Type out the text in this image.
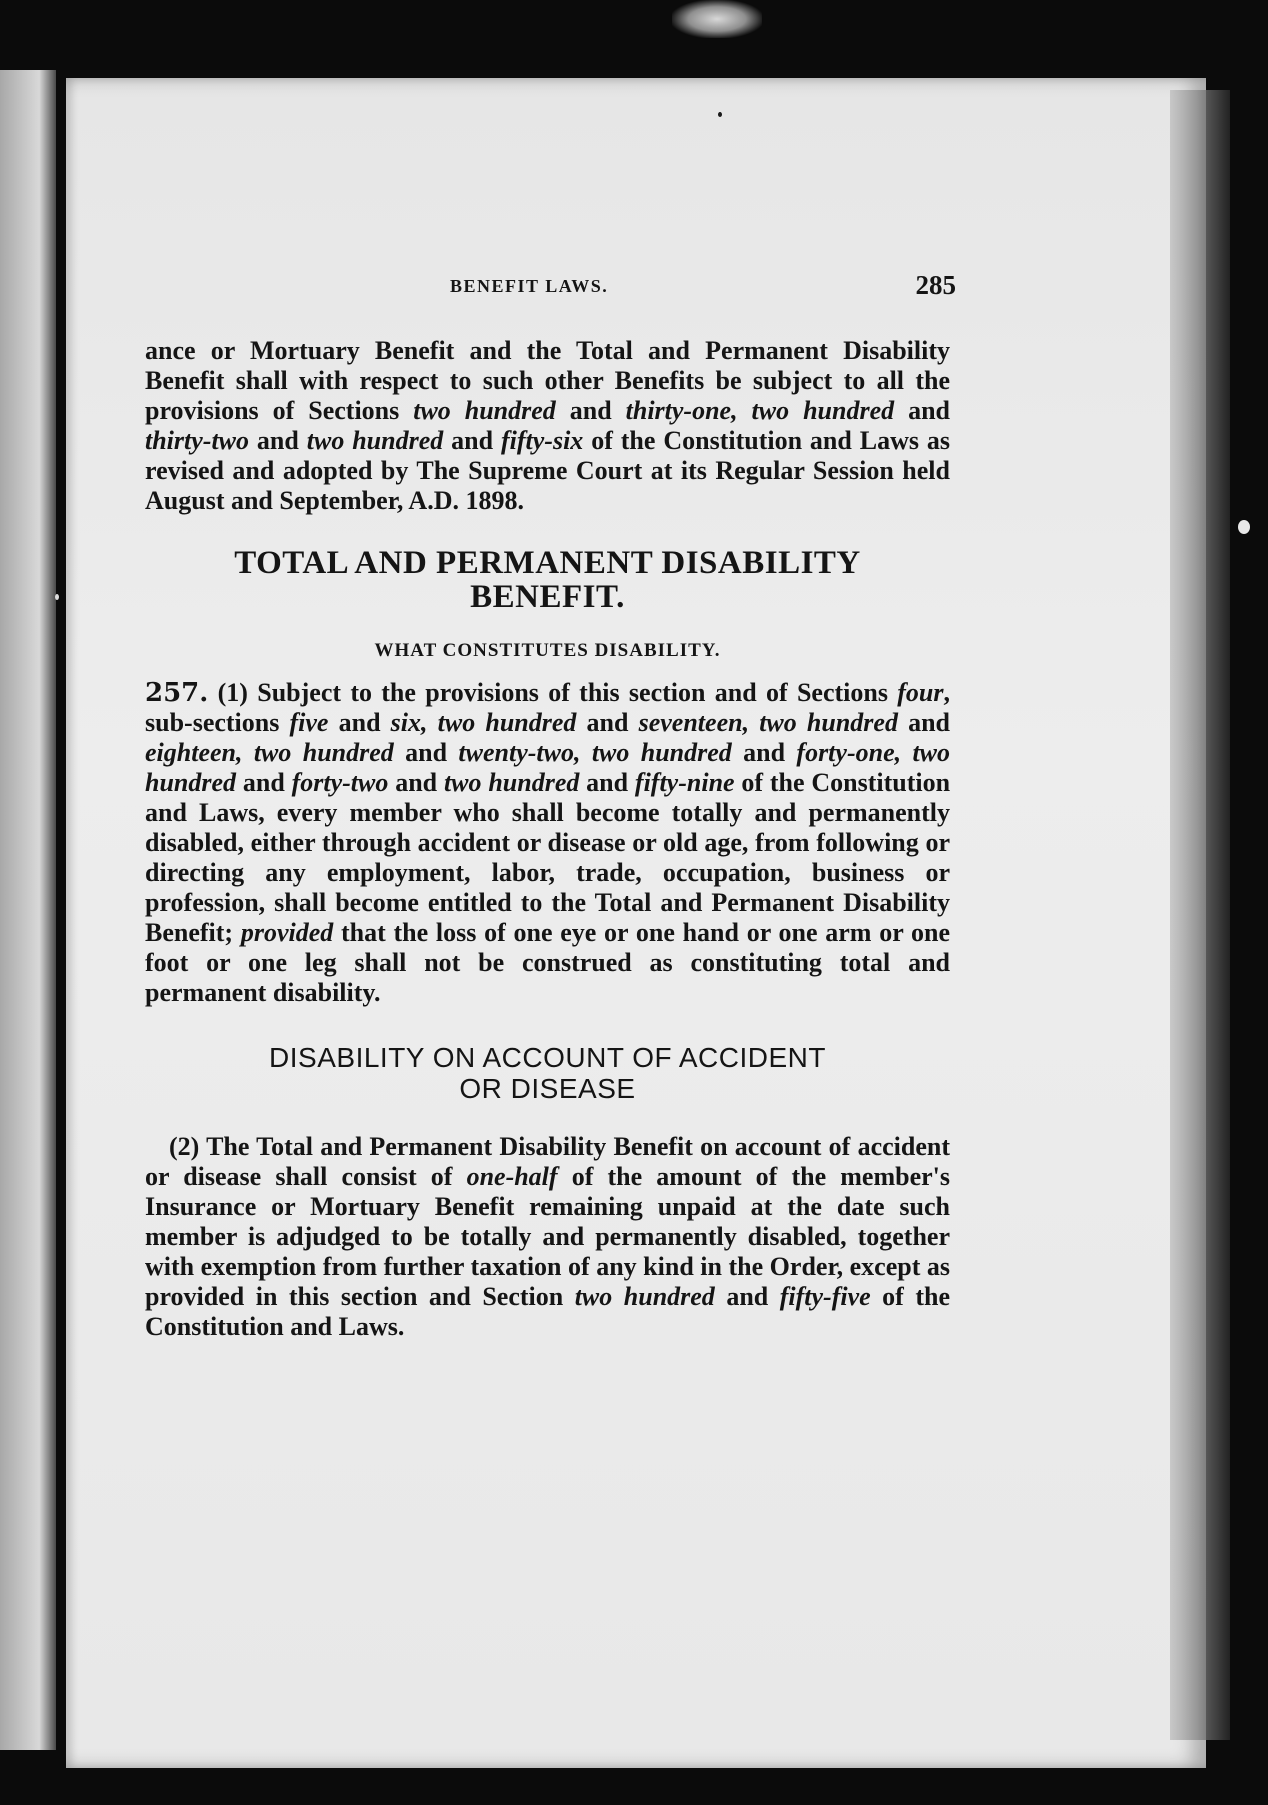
BENEFIT LAWS.	285

ance or Mortuary Benefit and the Total and Permanent Disability Benefit shall with respect to such other Benefits be subject to all the provisions of Sections two hundred and thirty-one, two hundred and thirty-two and two hundred and fifty-six of the Constitution and Laws as revised and adopted by The Supreme Court at its Regular Session held August and September, A.D. 1898.

TOTAL AND PERMANENT DISABILITY
BENEFIT.
WHAT CONSTITUTES DISABILITY.

257. (1) Subject to the provisions of this section and of Sections four, sub-sections five and six, two hundred and seventeen, two hundred and eighteen, two hundred and twenty-two, two hundred and forty-one, two hundred and forty-two and two hundred and fifty-nine of the Constitution and Laws, every member who shall become totally and permanently disabled, either through accident or disease or old age, from following or directing any employment, labor, trade, occupation, business or profession, shall become entitled to the Total and Permanent Disability Benefit; provided that the loss of one eye or one hand or one arm or one foot or one leg shall not be construed as constituting total and permanent disability.

DISABILITY ON ACCOUNT OF ACCIDENT
OR DISEASE

(2) The Total and Permanent Disability Benefit on account of accident or disease shall consist of one-half of the amount of the member's Insurance or Mortuary Benefit remaining unpaid at the date such member is adjudged to be totally and permanently disabled, together with exemption from further taxation of any kind in the Order, except as provided in this section and Section two hundred and fifty-five of the Constitution and Laws.
